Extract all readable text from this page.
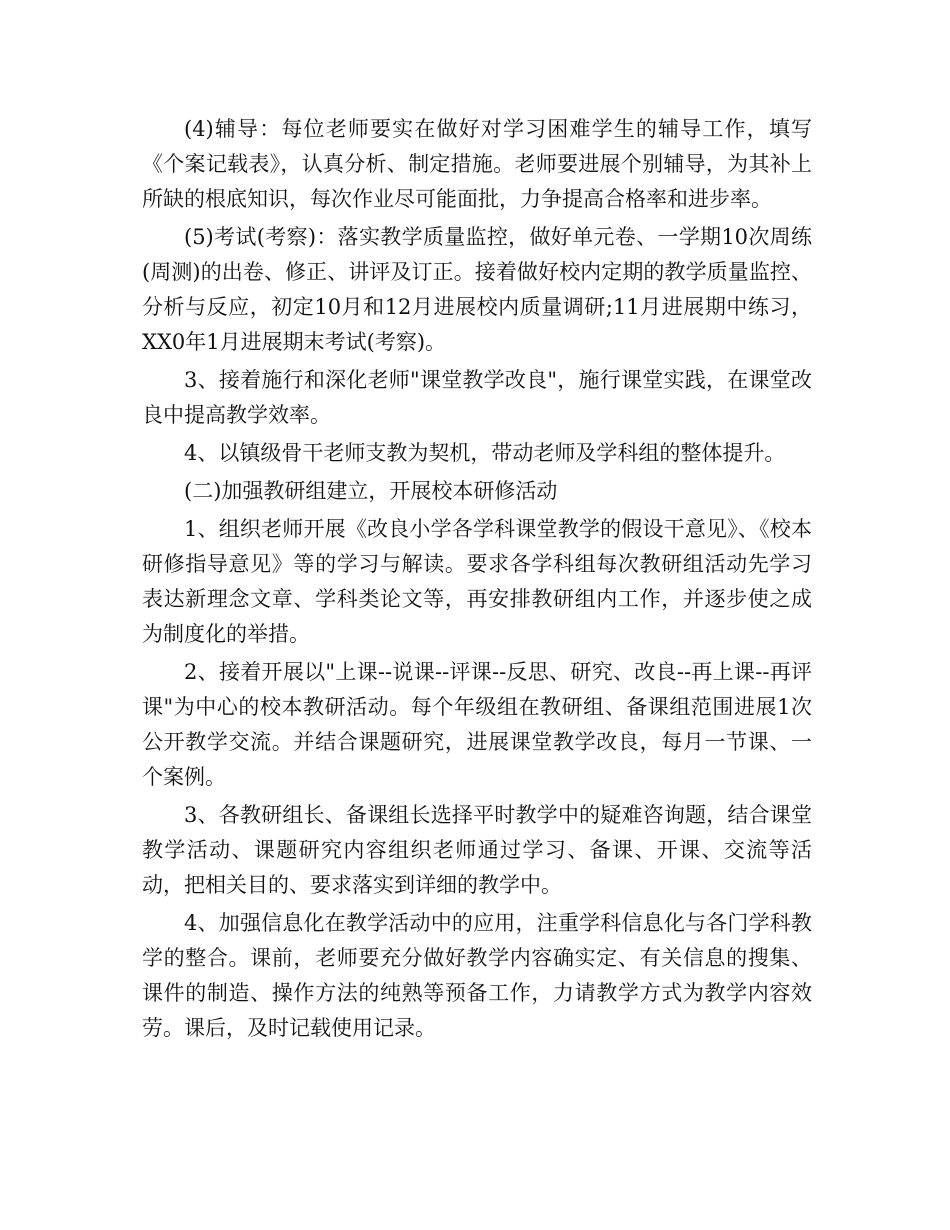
(4)辅导：每位老师要实在做好对学习困难学生的辅导工作，填写《个案记载表》，认真分析、制定措施。老师要进展个别辅导，为其补上所缺的根底知识，每次作业尽可能面批，力争提高合格率和进步率。

(5)考试(考察)：落实教学质量监控，做好单元卷、一学期10次周练(周测)的出卷、修正、讲评及订正。接着做好校内定期的教学质量监控、分析与反应，初定10月和12月进展校内质量调研;11月进展期中练习，XX0年1月进展期末考试(考察)。

3、接着施行和深化老师"课堂教学改良"，施行课堂实践，在课堂改良中提高教学效率。

4、以镇级骨干老师支教为契机，带动老师及学科组的整体提升。

(二)加强教研组建立，开展校本研修活动

1、组织老师开展《改良小学各学科课堂教学的假设干意见》、《校本研修指导意见》等的学习与解读。要求各学科组每次教研组活动先学习表达新理念文章、学科类论文等，再安排教研组内工作，并逐步使之成为制度化的举措。

2、接着开展以"上课--说课--评课--反思、研究、改良--再上课--再评课"为中心的校本教研活动。每个年级组在教研组、备课组范围进展1次公开教学交流。并结合课题研究，进展课堂教学改良，每月一节课、一个案例。

3、各教研组长、备课组长选择平时教学中的疑难咨询题，结合课堂教学活动、课题研究内容组织老师通过学习、备课、开课、交流等活动，把相关目的、要求落实到详细的教学中。

4、加强信息化在教学活动中的应用，注重学科信息化与各门学科教学的整合。课前，老师要充分做好教学内容确实定、有关信息的搜集、课件的制造、操作方法的纯熟等预备工作，力请教学方式为教学内容效劳。课后，及时记载使用记录。
